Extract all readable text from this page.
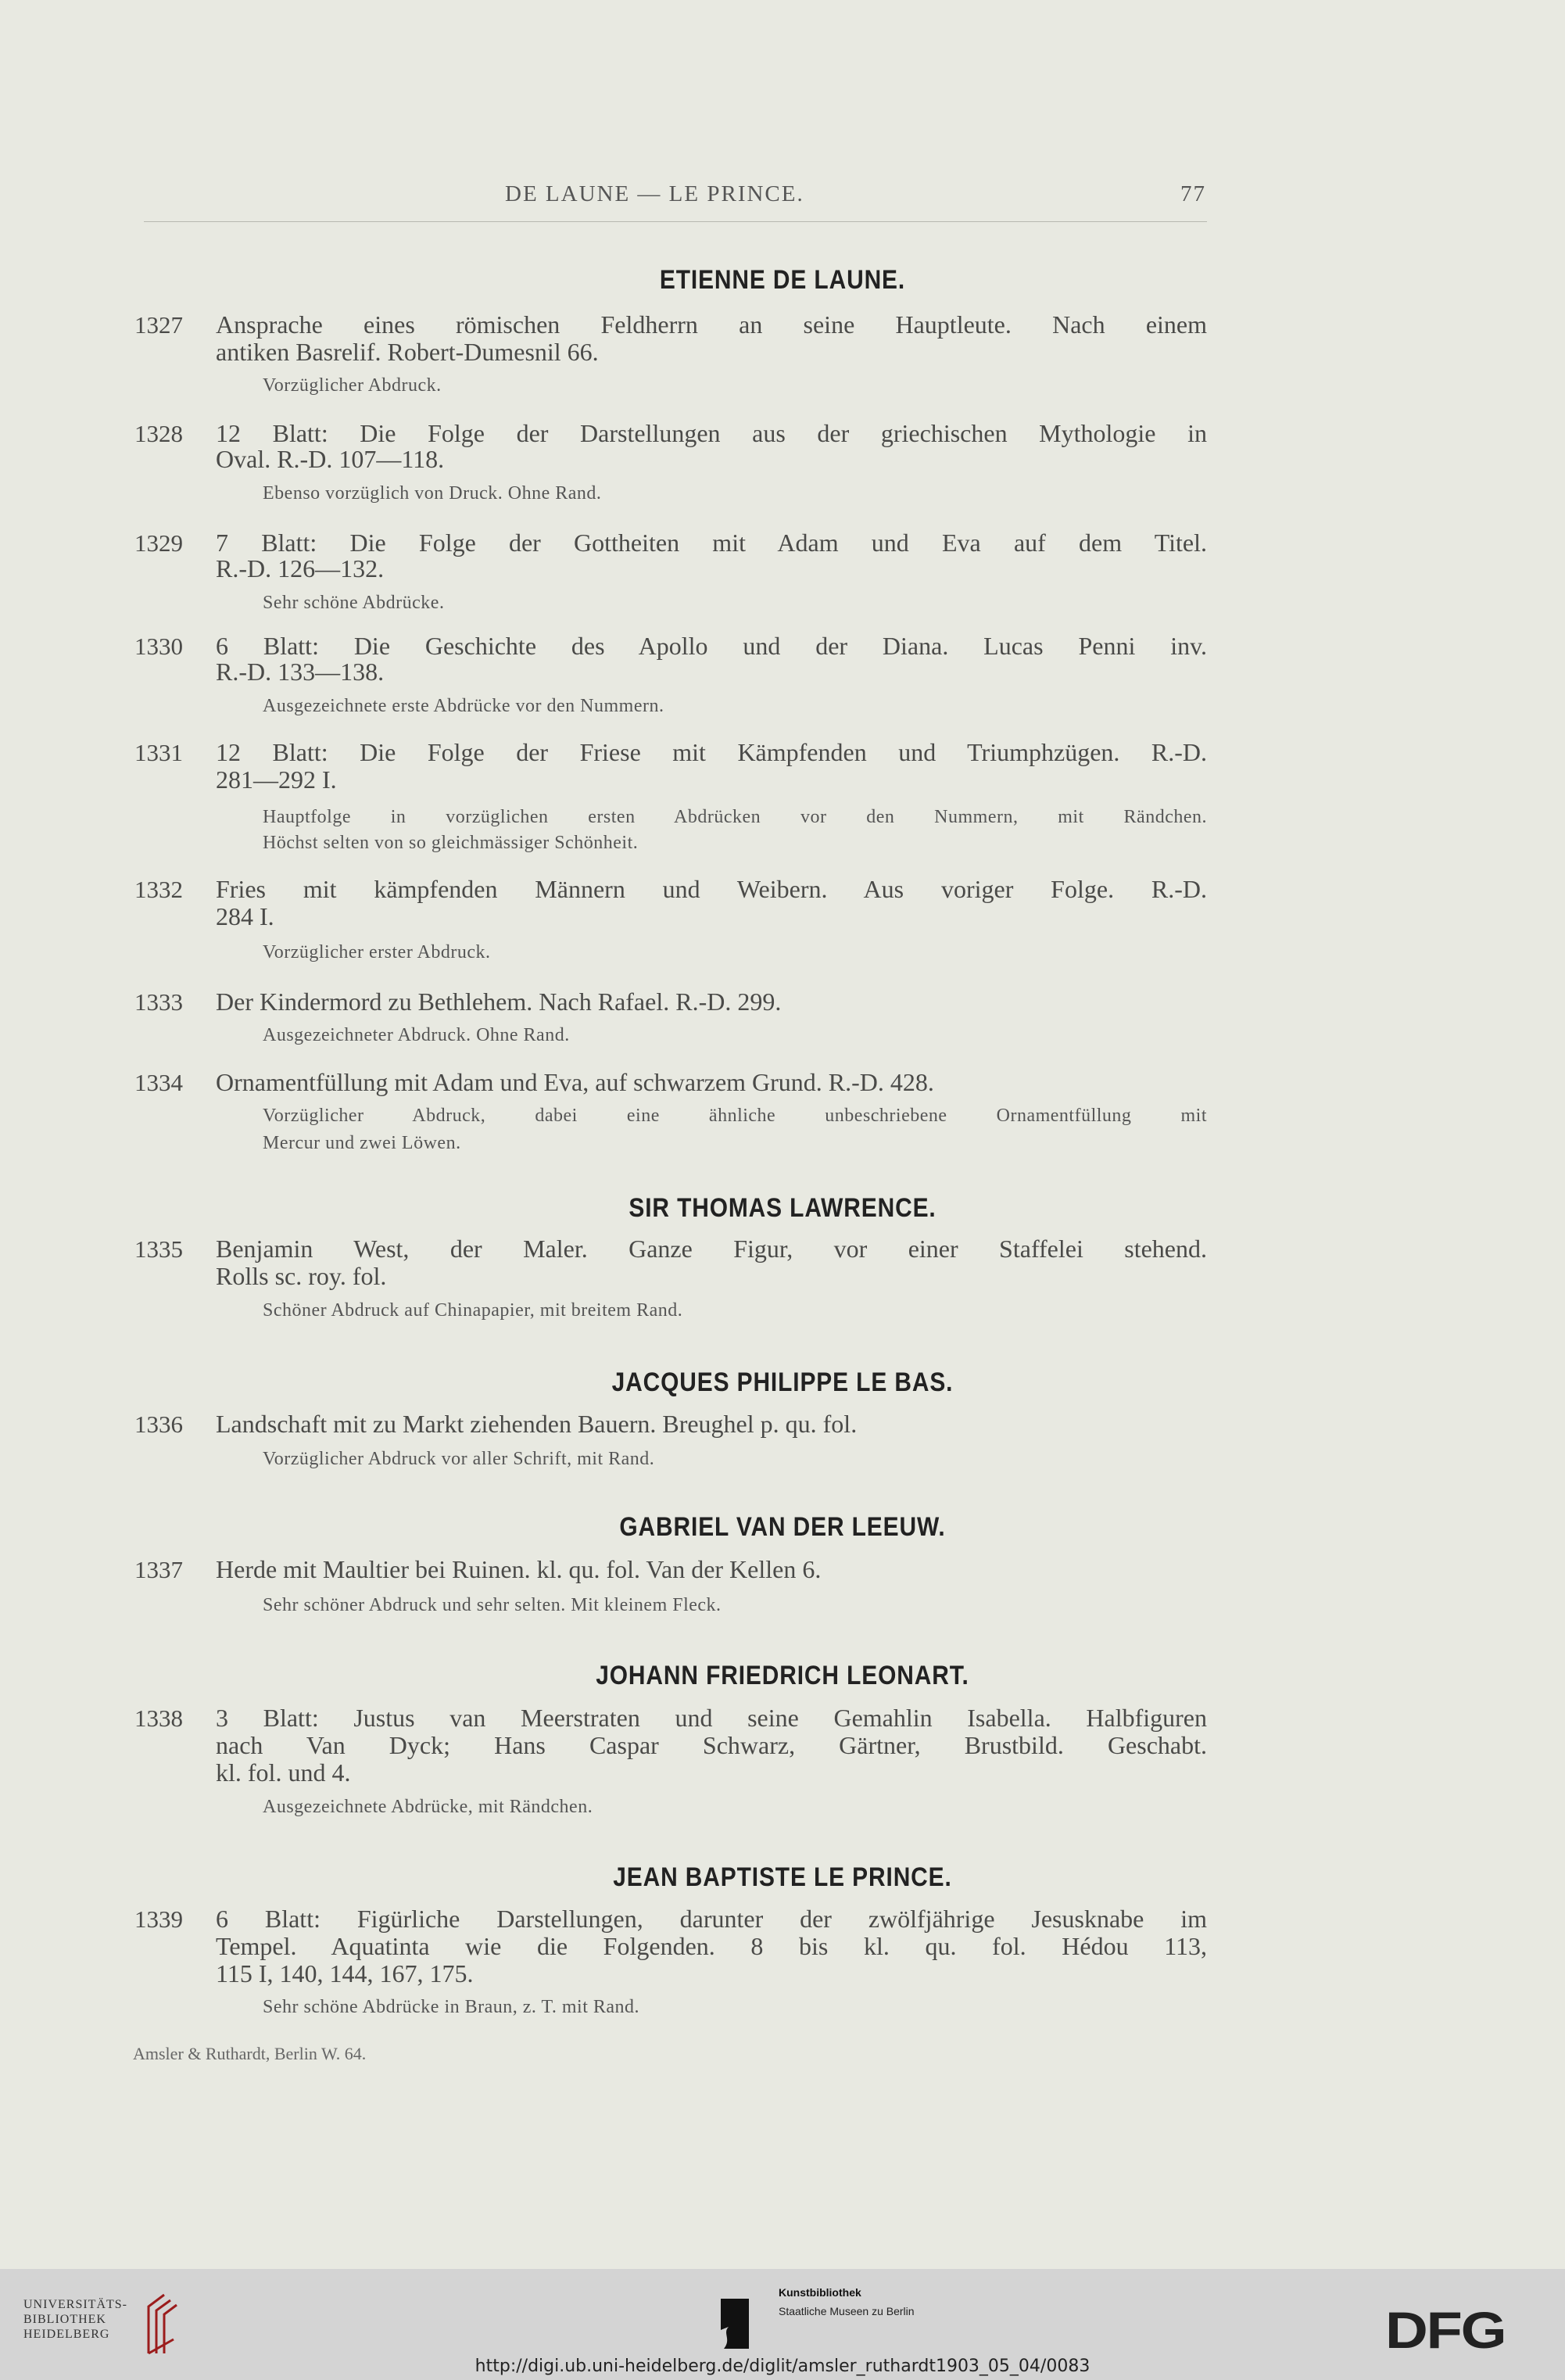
DE LAUNE — LE PRINCE.	77
ETIENNE DE LAUNE.
1327 Ansprache eines römischen Feldherrn an seine Hauptleute. Nach einem
antiken Basrelif. Robert-Dumesnil 66.
Vorzüglicher Abdruck.
1328 12 Blatt: Die Folge der Darstellungen aus der griechischen Mythologie in
Oval. R.-D. 107—118.
Ebenso vorzüglich von Druck. Ohne Rand.
1329 7 Blatt: Die Folge der Gottheiten mit Adam und Eva auf dem Titel.
R.-D. 126—132.
Sehr schöne Abdrücke.
1330 6 Blatt: Die Geschichte des Apollo und der Diana. Lucas Penni inv.
R.-D. 133—138.
Ausgezeichnete erste Abdrücke vor den Nummern.
1331 12 Blatt: Die Folge der Friese mit Kämpfenden und Triumphzügen. R.-D.
281—292 I.
Hauptfolge in vorzüglichen ersten Abdrücken vor den Nummern, mit Rändchen.
Höchst selten von so gleichmässiger Schönheit.
1332 Fries mit kämpfenden Männern und Weibern. Aus voriger Folge. R.-D.
284 I.
Vorzüglicher erster Abdruck.
1333 Der Kindermord zu Bethlehem. Nach Rafael. R.-D. 299.
Ausgezeichneter Abdruck. Ohne Rand.
1334 Ornamentfüllung mit Adam und Eva, auf schwarzem Grund. R.-D. 428.
Vorzüglicher Abdruck, dabei eine ähnliche unbeschriebene Ornamentfüllung mit
Mercur und zwei Löwen.
SIR THOMAS LAWRENCE.
1335 Benjamin West, der Maler. Ganze Figur, vor einer Staffelei stehend.
Rolls sc. roy. fol.
Schöner Abdruck auf Chinapapier, mit breitem Rand.
JACQUES PHILIPPE LE BAS.
1336 Landschaft mit zu Markt ziehenden Bauern. Breughel p. qu. fol.
Vorzüglicher Abdruck vor aller Schrift, mit Rand.
GABRIEL VAN DER LEEUW.
1337 Herde mit Maultier bei Ruinen. kl. qu. fol. Van der Kellen 6.
Sehr schöner Abdruck und sehr selten. Mit kleinem Fleck.
JOHANN FRIEDRICH LEONART.
1338 3 Blatt: Justus van Meerstraten und seine Gemahlin Isabella. Halbfiguren
nach Van Dyck; Hans Caspar Schwarz, Gärtner, Brustbild. Geschabt.
kl. fol. und 4.
Ausgezeichnete Abdrücke, mit Rändchen.
JEAN BAPTISTE LE PRINCE.
1339 6 Blatt: Figürliche Darstellungen, darunter der zwölfjährige Jesusknabe im
Tempel. Aquatinta wie die Folgenden. 8 bis kl. qu. fol. Hédou 113,
115 I, 140, 144, 167, 175.
Sehr schöne Abdrücke in Braun, z. T. mit Rand.
Amsler & Ruthardt, Berlin W. 64.
UNIVERSITÄTS-
BIBLIOTHEK
HEIDELBERG
Kunstbibliothek
Staatliche Museen zu Berlin	DFG
http://digi.ub.uni-heidelberg.de/diglit/amsler_ruthardt1903_05_04/0083
